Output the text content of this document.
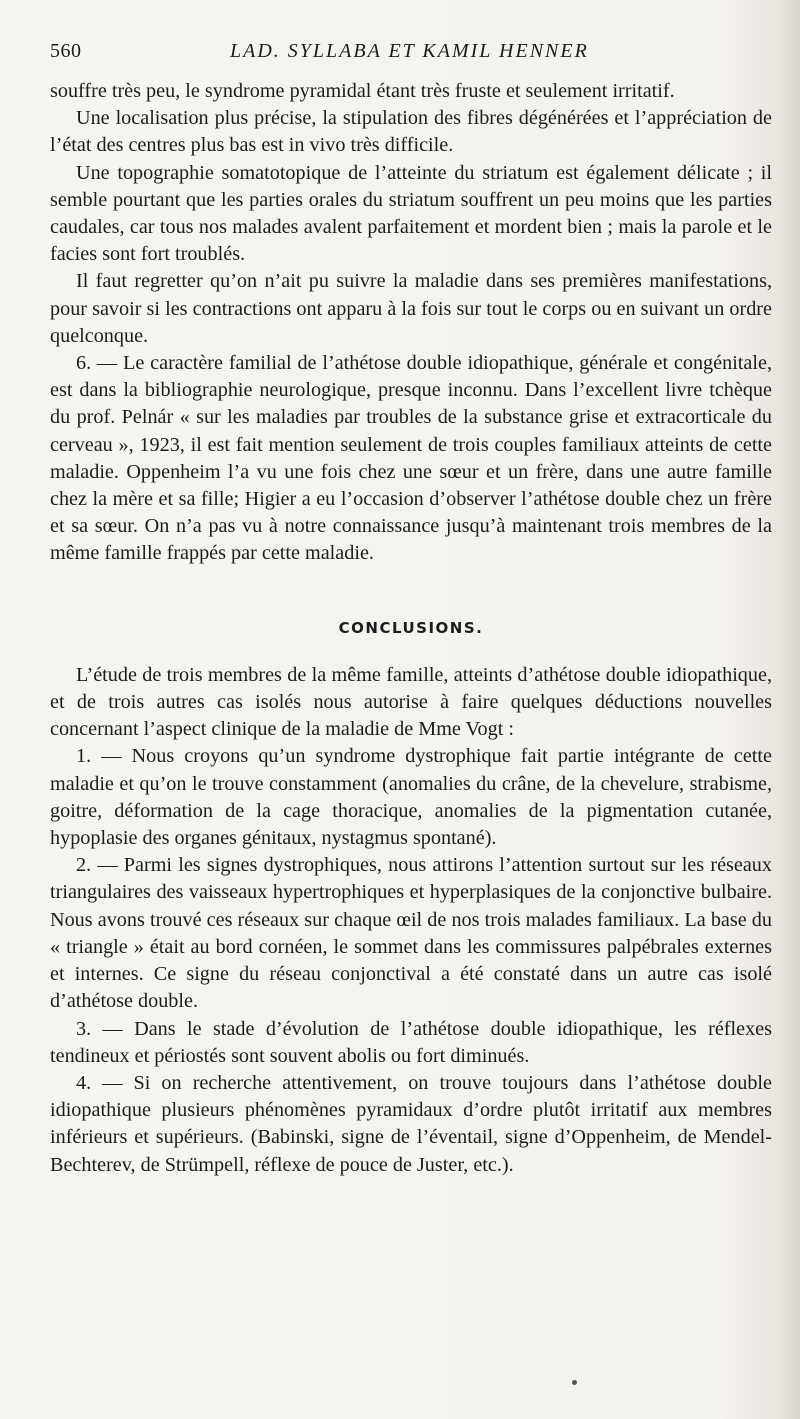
560	LAD. SYLLABA ET KAMIL HENNER

souffre très peu, le syndrome pyramidal étant très fruste et seulement irritatif.

Une localisation plus précise, la stipulation des fibres dégénérées et l’appréciation de l’état des centres plus bas est in vivo très difficile.

Une topographie somatotopique de l’atteinte du striatum est également délicate ; il semble pourtant que les parties orales du striatum souffrent un peu moins que les parties caudales, car tous nos malades avalent parfaitement et mordent bien ; mais la parole et le facies sont fort troublés.

Il faut regretter qu’on n’ait pu suivre la maladie dans ses premières manifestations, pour savoir si les contractions ont apparu à la fois sur tout le corps ou en suivant un ordre quelconque.

6. — Le caractère familial de l’athétose double idiopathique, générale et congénitale, est dans la bibliographie neurologique, presque inconnu. Dans l’excellent livre tchèque du prof. Pelnár « sur les maladies par troubles de la substance grise et extracorticale du cerveau », 1923, il est fait mention seulement de trois couples familiaux atteints de cette maladie. Oppenheim l’a vu une fois chez une sœur et un frère, dans une autre famille chez la mère et sa fille; Higier a eu l’occasion d’observer l’athétose double chez un frère et sa sœur. On n’a pas vu à notre connaissance jusqu’à maintenant trois membres de la même famille frappés par cette maladie.

CONCLUSIONS.

L’étude de trois membres de la même famille, atteints d’athétose double idiopathique, et de trois autres cas isolés nous autorise à faire quelques déductions nouvelles concernant l’aspect clinique de la maladie de Mme Vogt :

1. — Nous croyons qu’un syndrome dystrophique fait partie intégrante de cette maladie et qu’on le trouve constamment (anomalies du crâne, de la chevelure, strabisme, goitre, déformation de la cage thoracique, anomalies de la pigmentation cutanée, hypoplasie des organes génitaux, nystagmus spontané).

2. — Parmi les signes dystrophiques, nous attirons l’attention surtout sur les réseaux triangulaires des vaisseaux hypertrophiques et hyperplasiques de la conjonctive bulbaire. Nous avons trouvé ces réseaux sur chaque œil de nos trois malades familiaux. La base du « triangle » était au bord cornéen, le sommet dans les commissures palpébrales externes et internes. Ce signe du réseau conjonctival a été constaté dans un autre cas isolé d’athétose double.

3. — Dans le stade d’évolution de l’athétose double idiopathique, les réflexes tendineux et périostés sont souvent abolis ou fort diminués.

4. — Si on recherche attentivement, on trouve toujours dans l’athétose double idiopathique plusieurs phénomènes pyramidaux d’ordre plutôt irritatif aux membres inférieurs et supérieurs. (Babinski, signe de l’éventail, signe d’Oppenheim, de Mendel-Bechterev, de Strümpell, réflexe de pouce de Juster, etc.).
